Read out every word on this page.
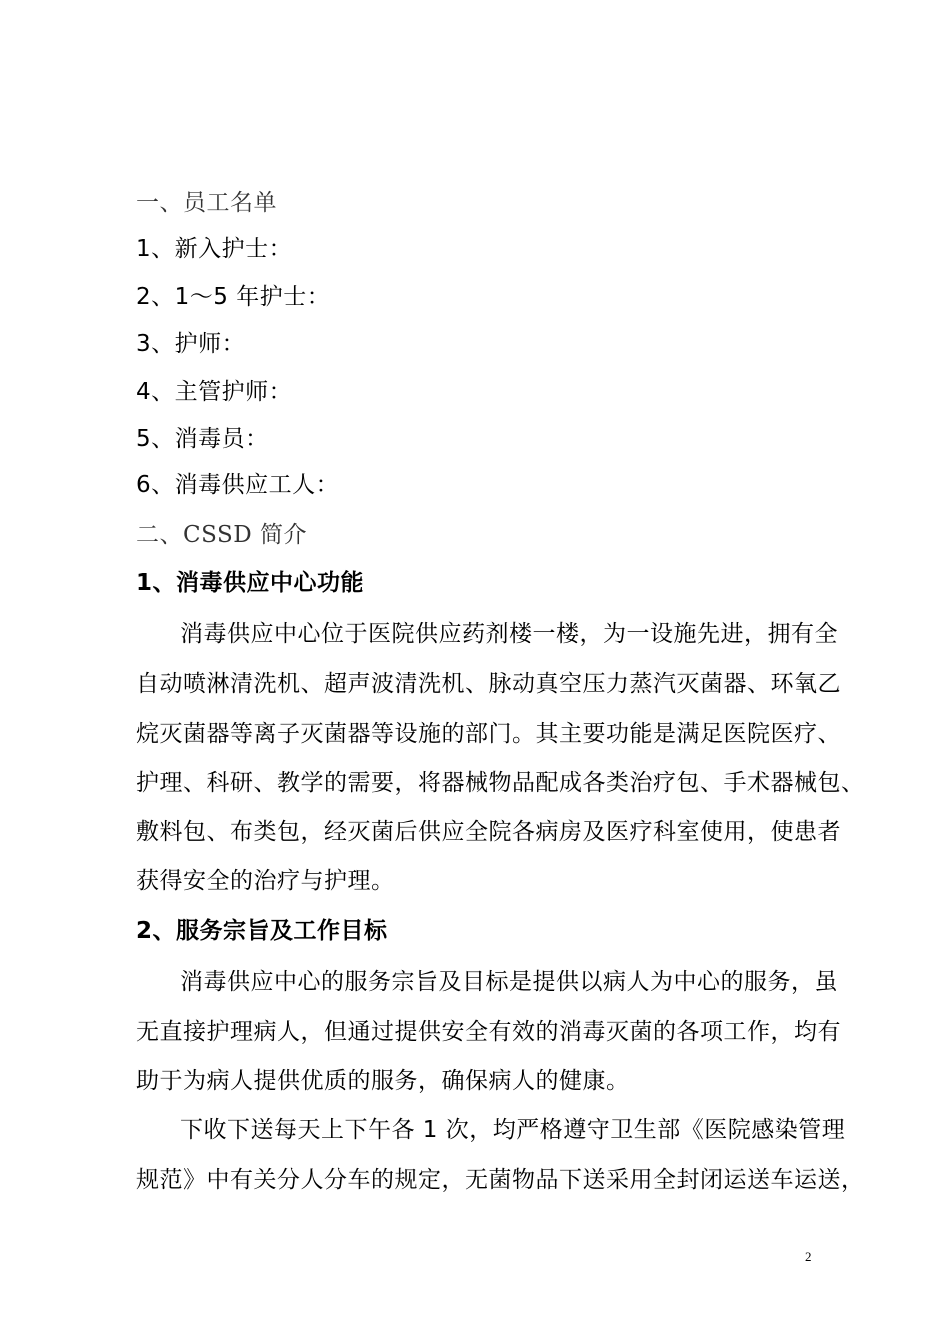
一、员工名单
1、新入护士：
2、1～5 年护士：
3、护师：
4、主管护师：
5、消毒员：
6、消毒供应工人：
二、CSSD 简介
1、消毒供应中心功能
消毒供应中心位于医院供应药剂楼一楼，为一设施先进，拥有全
自动喷淋清洗机、超声波清洗机、脉动真空压力蒸汽灭菌器、环氧乙
烷灭菌器等离子灭菌器等设施的部门。其主要功能是满足医院医疗、
护理、科研、教学的需要，将器械物品配成各类治疗包、手术器械包、
敷料包、布类包，经灭菌后供应全院各病房及医疗科室使用，使患者
获得安全的治疗与护理。
2、服务宗旨及工作目标
消毒供应中心的服务宗旨及目标是提供以病人为中心的服务，虽
无直接护理病人，但通过提供安全有效的消毒灭菌的各项工作，均有
助于为病人提供优质的服务，确保病人的健康。
下收下送每天上下午各 1 次，均严格遵守卫生部《医院感染管理
规范》中有关分人分车的规定，无菌物品下送采用全封闭运送车运送，
2
